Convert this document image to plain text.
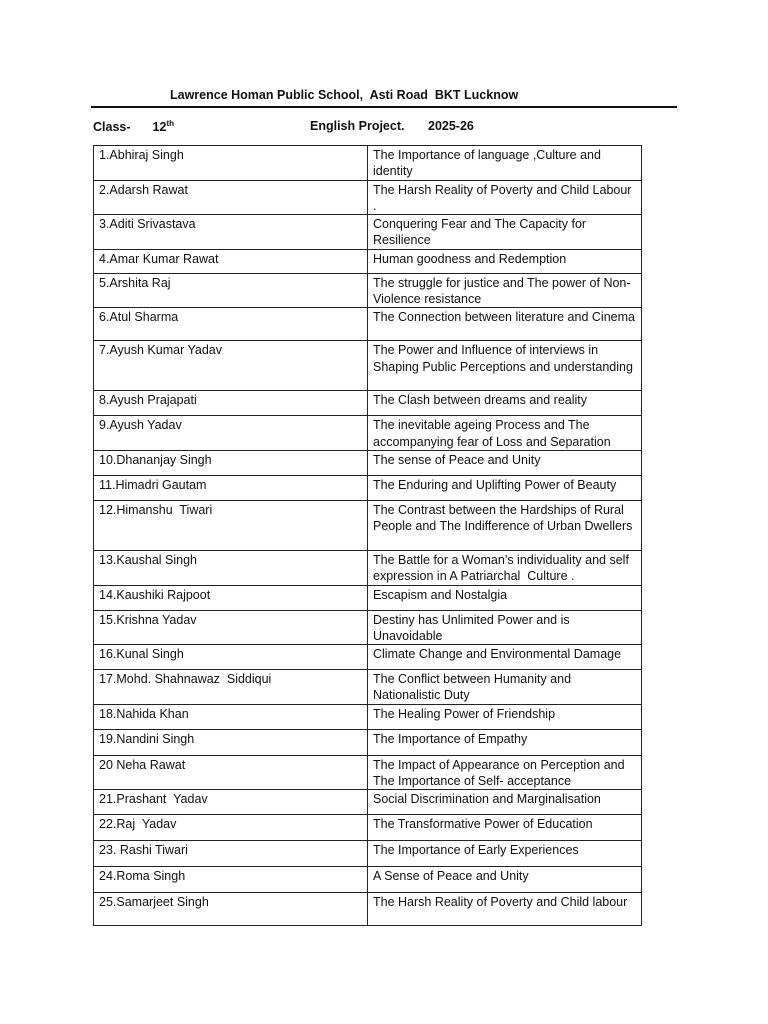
Lawrence Homan Public School,  Asti Road  BKT Lucknow
Class- 12th	English Project. 2025-26
1.Abhiraj Singh	The Importance of language ,Culture and identity
2.Adarsh Rawat	The Harsh Reality of Poverty and Child Labour .
3.Aditi Srivastava	Conquering Fear and The Capacity for Resilience
4.Amar Kumar Rawat	Human goodness and Redemption
5.Arshita Raj	The struggle for justice and The power of Non-Violence resistance
6.Atul Sharma	The Connection between literature and Cinema
7.Ayush Kumar Yadav	The Power and Influence of interviews in Shaping Public Perceptions and understanding
8.Ayush Prajapati	The Clash between dreams and reality
9.Ayush Yadav	The inevitable ageing Process and The accompanying fear of Loss and Separation
10.Dhananjay Singh	The sense of Peace and Unity
11.Himadri Gautam	The Enduring and Uplifting Power of Beauty
12.Himanshu  Tiwari	The Contrast between the Hardships of Rural People and The Indifference of Urban Dwellers
13.Kaushal Singh	The Battle for a Woman’s individuality and self expression in A Patriarchal  Culture .
14.Kaushiki Rajpoot	Escapism and Nostalgia
15.Krishna Yadav	Destiny has Unlimited Power and is Unavoidable
16.Kunal Singh	Climate Change and Environmental Damage
17.Mohd. Shahnawaz  Siddiqui	The Conflict between Humanity and Nationalistic Duty
18.Nahida Khan	The Healing Power of Friendship
19.Nandini Singh	The Importance of Empathy
20 Neha Rawat	The Impact of Appearance on Perception and  The Importance of Self- acceptance
21.Prashant  Yadav	Social Discrimination and Marginalisation
22.Raj  Yadav	The Transformative Power of Education
23. Rashi Tiwari	The Importance of Early Experiences
24.Roma Singh	A Sense of Peace and Unity
25.Samarjeet Singh	The Harsh Reality of Poverty and Child labour
